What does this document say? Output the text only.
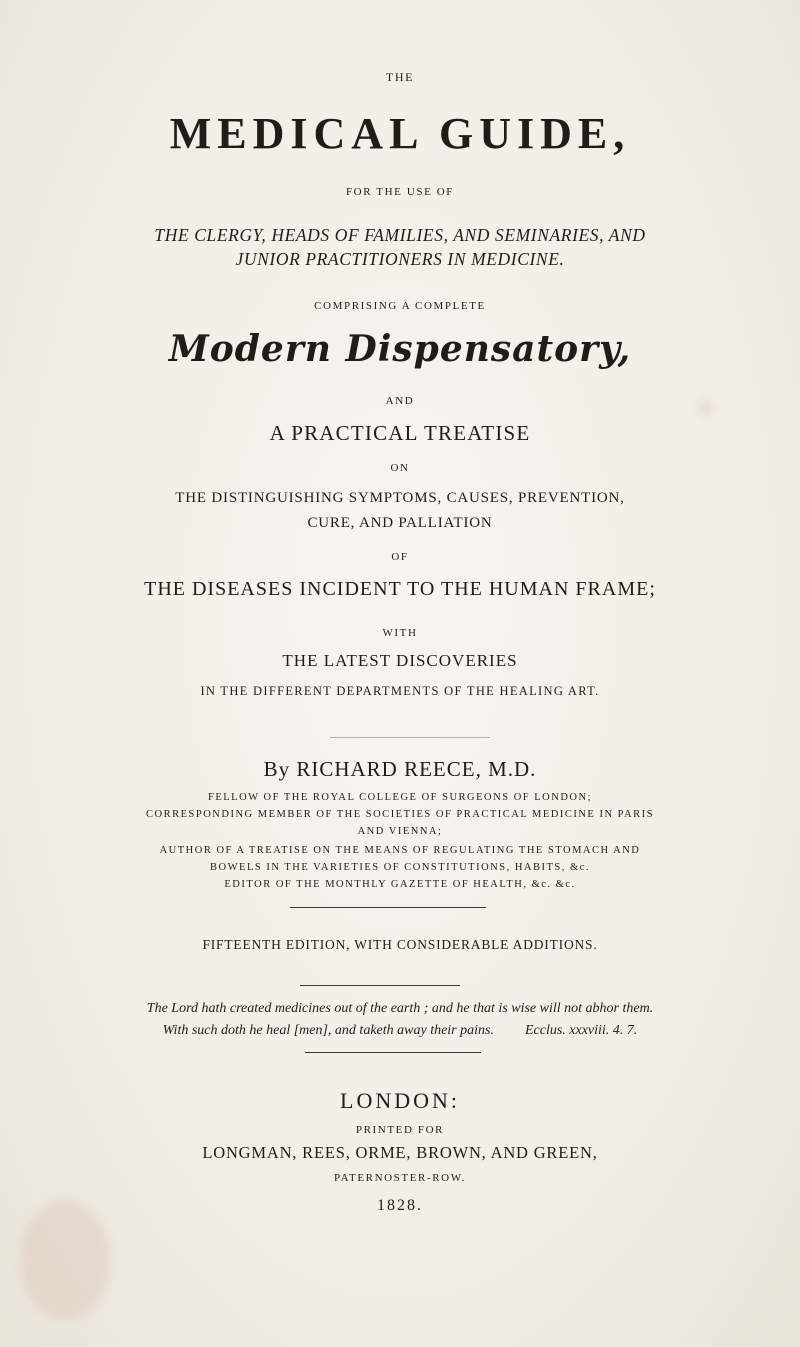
THE
MEDICAL GUIDE,
FOR THE USE OF
THE CLERGY, HEADS OF FAMILIES, AND SEMINARIES, AND
JUNIOR PRACTITIONERS IN MEDICINE.
COMPRISING A COMPLETE
Modern Dispensatory,
AND
A PRACTICAL TREATISE
ON
THE DISTINGUISHING SYMPTOMS, CAUSES, PREVENTION,
CURE, AND PALLIATION
OF
THE DISEASES INCIDENT TO THE HUMAN FRAME;
WITH
THE LATEST DISCOVERIES
IN THE DIFFERENT DEPARTMENTS OF THE HEALING ART.
By RICHARD REECE, M.D.
FELLOW OF THE ROYAL COLLEGE OF SURGEONS OF LONDON;
CORRESPONDING MEMBER OF THE SOCIETIES OF PRACTICAL MEDICINE IN PARIS
AND VIENNA;
AUTHOR OF A TREATISE ON THE MEANS OF REGULATING THE STOMACH AND
BOWELS IN THE VARIETIES OF CONSTITUTIONS, HABITS, &c.
EDITOR OF THE MONTHLY GAZETTE OF HEALTH, &c. &c.
FIFTEENTH EDITION, WITH CONSIDERABLE ADDITIONS.
The Lord hath created medicines out of the earth ; and he that is wise will not abhor them.
With such doth he heal [men], and taketh away their pains. Ecclus. xxxviii. 4. 7.
LONDON:
PRINTED FOR
LONGMAN, REES, ORME, BROWN, AND GREEN,
PATERNOSTER-ROW.
1828.
